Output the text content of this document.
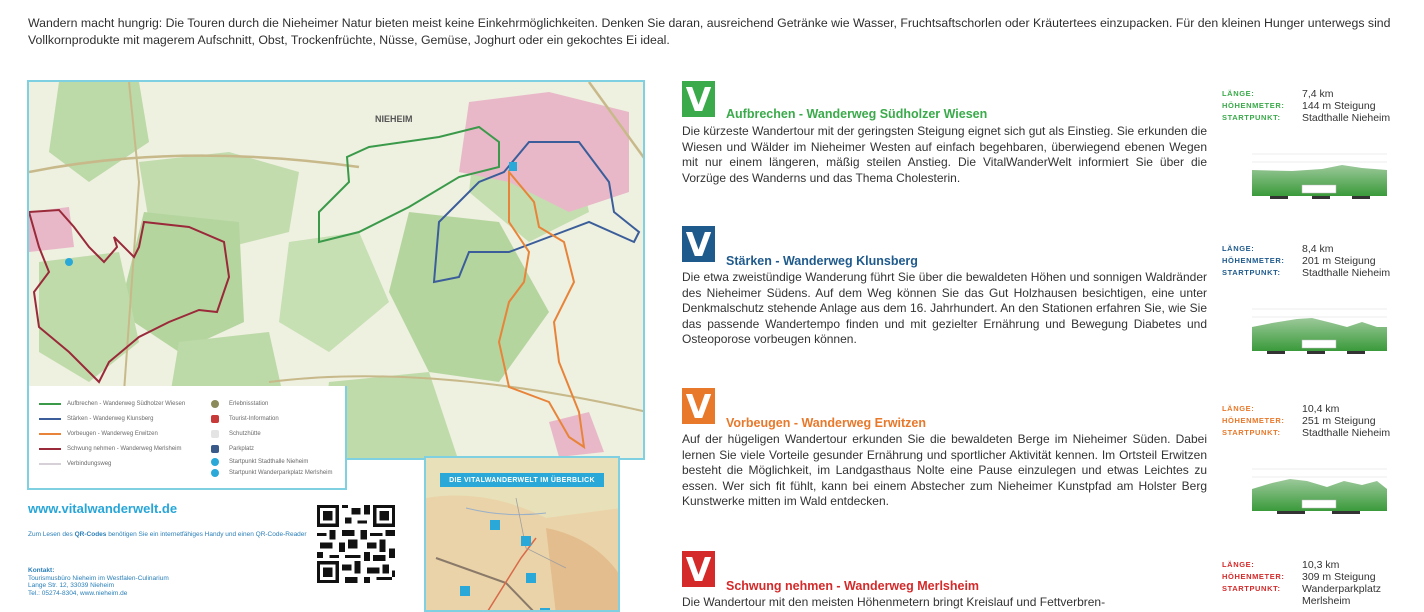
Wandern macht hungrig: Die Touren durch die Nieheimer Natur bieten meist keine Einkehrmöglichkeiten. Denken Sie daran, ausreichend Getränke wie Wasser, Fruchtsaftschorlen oder Kräutertees einzupacken. Für den kleinen Hunger unterwegs sind Vollkornprodukte mit magerem Aufschnitt, Obst, Trockenfrüchte, Nüsse, Gemüse, Joghurt oder ein gekochtes Ei ideal.
NIEHEIM
Aufbrechen - Wanderweg Südholzer Wiesen
Stärken - Wanderweg Klunsberg
Vorbeugen - Wanderweg Erwitzen
Schwung nehmen - Wanderweg Merlsheim
Verbindungsweg
Erlebnisstation
Tourist-Information
Schutzhütte
Parkplatz
Startpunkt Stadthalle Nieheim
Startpunkt Wanderparkplatz Merlsheim
DIE VITALWANDERWELT IM ÜBERBLICK
www.vitalwanderwelt.de
Zum Lesen des QR-Codes benötigen Sie ein internetfähiges Handy und einen QR-Code-Reader
Kontakt:
Tourismusbüro Nieheim im Westfalen-Culinarium
Lange Str. 12, 33039 Nieheim
Tel.: 05274-8304, www.nieheim.de
V Aufbrechen - Wanderweg Südholzer Wiesen
Die kürzeste Wandertour mit der geringsten Steigung eignet sich gut als Einstieg. Sie erkunden die Wiesen und Wälder im Nieheimer Westen auf einfach begehbaren, überwiegend ebenen Wegen mit nur einem längeren, mäßig steilen Anstieg. Die VitalWanderWelt informiert Sie über die Vorzüge des Wanderns und das Thema Cholesterin.
LÄNGE:	7,4 km
HÖHENMETER:	144 m Steigung
STARTPUNKT:	Stadthalle Nieheim
V Stärken - Wanderweg Klunsberg
Die etwa zweistündige Wanderung führt Sie über die bewaldeten Höhen und sonnigen Waldränder des Nieheimer Südens. Auf dem Weg können Sie das Gut Holzhausen besichtigen, eine unter Denkmalschutz stehende Anlage aus dem 16. Jahrhundert. An den Stationen erfahren Sie, wie Sie das passende Wandertempo finden und mit gezielter Ernährung und Bewegung Diabetes und Osteoporose vorbeugen können.
LÄNGE:	8,4 km
HÖHENMETER:	201 m Steigung
STARTPUNKT:	Stadthalle Nieheim
V Vorbeugen - Wanderweg Erwitzen
Auf der hügeligen Wandertour erkunden Sie die bewaldeten Berge im Nieheimer Süden. Dabei lernen Sie viele Vorteile gesunder Ernährung und sportlicher Aktivität kennen. Im Ortsteil Erwitzen besteht die Möglichkeit, im Landgasthaus Nolte eine Pause einzulegen und etwas Leichtes zu essen. Wer sich fit fühlt, kann bei einem Abstecher zum Nieheimer Kunstpfad am Holster Berg Kunstwerke mitten im Wald entdecken.
LÄNGE:	10,4 km
HÖHENMETER:	251 m Steigung
STARTPUNKT:	Stadthalle Nieheim
V Schwung nehmen - Wanderweg Merlsheim
Die Wandertour mit den meisten Höhenmetern bringt Kreislauf und Fettverbren-
LÄNGE:	10,3 km
HÖHENMETER:	309 m Steigung
STARTPUNKT:	Wanderparkplatz Merlsheim
